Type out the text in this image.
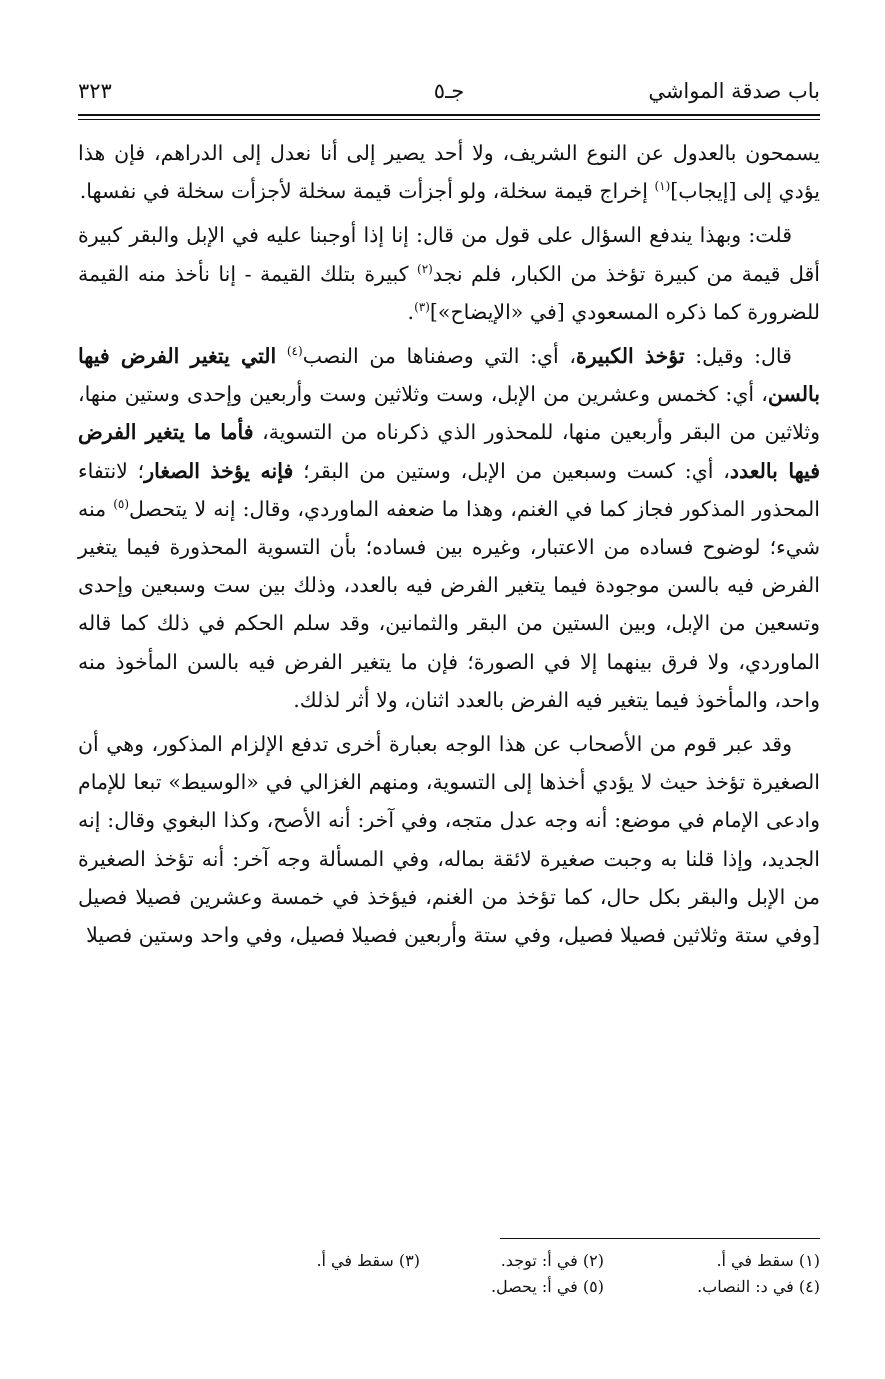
باب صدقة المواشي
جـ٥
٣٢٣

يسمحون بالعدول عن النوع الشريف، ولا أحد يصير إلى أنا نعدل إلى الدراهم، فإن هذا يؤدي إلى [إيجاب]$^{(١)}$ إخراج قيمة سخلة، ولو أجزأت قيمة سخلة لأجزأت سخلة في نفسها.

قلت: وبهذا يندفع السؤال على قول من قال: إنا إذا أوجبنا عليه في الإبل والبقر كبيرة أقل قيمة من كبيرة تؤخذ من الكبار، فلم نجد$^{(٢)}$ كبيرة بتلك القيمة - إنا نأخذ منه القيمة للضرورة كما ذكره المسعودي [في «الإيضاح»]$^{(٣)}$.

قال: وقيل: تؤخذ الكبيرة، أي: التي وصفناها من النصب$^{(٤)}$ التي يتغير الفرض فيها بالسن، أي: كخمس وعشرين من الإبل، وست وثلاثين وست وأربعين وإحدى وستين منها، وثلاثين من البقر وأربعين منها، للمحذور الذي ذكرناه من التسوية، فأما ما يتغير الفرض فيها بالعدد، أي: كست وسبعين من الإبل، وستين من البقر؛ فإنه يؤخذ الصغار؛ لانتفاء المحذور المذكور فجاز كما في الغنم، وهذا ما ضعفه الماوردي، وقال: إنه لا يتحصل$^{(٥)}$ منه شيء؛ لوضوح فساده من الاعتبار، وغيره بين فساده؛ بأن التسوية المحذورة فيما يتغير الفرض فيه بالسن موجودة فيما يتغير الفرض فيه بالعدد، وذلك بين ست وسبعين وإحدى وتسعين من الإبل، وبين الستين من البقر والثمانين، وقد سلم الحكم في ذلك كما قاله الماوردي، ولا فرق بينهما إلا في الصورة؛ فإن ما يتغير الفرض فيه بالسن المأخوذ منه واحد، والمأخوذ فيما يتغير فيه الفرض بالعدد اثنان، ولا أثر لذلك.

وقد عبر قوم من الأصحاب عن هذا الوجه بعبارة أخرى تدفع الإلزام المذكور، وهي أن الصغيرة تؤخذ حيث لا يؤدي أخذها إلى التسوية، ومنهم الغزالي في «الوسيط» تبعا للإمام وادعى الإمام في موضع: أنه وجه عدل متجه، وفي آخر: أنه الأصح، وكذا البغوي وقال: إنه الجديد، وإذا قلنا به وجبت صغيرة لائقة بماله، وفي المسألة وجه آخر: أنه تؤخذ الصغيرة من الإبل والبقر بكل حال، كما تؤخذ من الغنم، فيؤخذ في خمسة وعشرين فصيلا فصيل [وفي ستة وثلاثين فصيلا فصيل، وفي ستة وأربعين فصيلا فصيل، وفي واحد وستين فصيلا

(١) سقط في أ.
(٢) في أ: توجد.
(٣) سقط في أ.
(٤) في د: النصاب.
(٥) في أ: يحصل.
